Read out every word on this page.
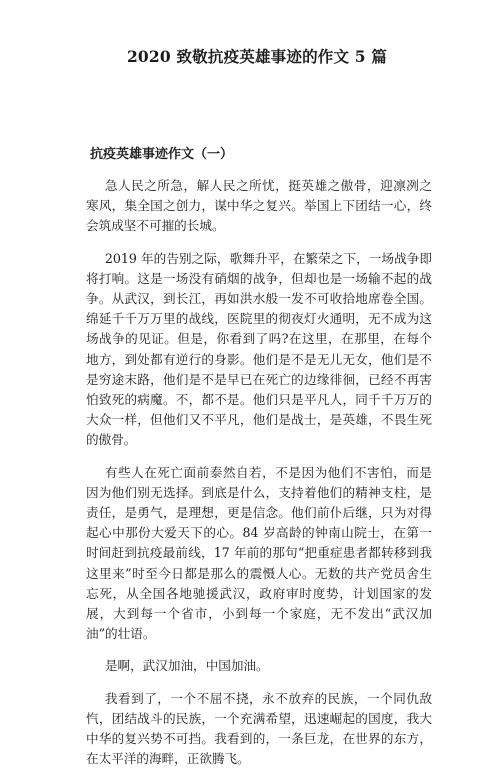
2020 致敬抗疫英雄事迹的作文 5 篇
抗疫英雄事迹作文（一）

急人民之所急，解人民之所忧，挺英雄之傲骨，迎凛冽之寒风，集全国之创力，谋中华之复兴。举国上下团结一心，终会筑成坚不可摧的长城。

2019 年的告别之际，歌舞升平，在繁荣之下，一场战争即将打响。这是一场没有硝烟的战争，但却也是一场输不起的战争。从武汉，到长江，再如洪水般一发不可收拾地席卷全国。绵延千千万万里的战线，医院里的彻夜灯火通明，无不成为这场战争的见证。但是，你看到了吗?在这里，在那里，在每个地方，到处都有逆行的身影。他们是不是无儿无女，他们是不是穷途末路，他们是不是早已在死亡的边缘徘徊，已经不再害怕致死的病魔。不，都不是。他们只是平凡人，同千千万万的大众一样，但他们又不平凡，他们是战士，是英雄，不畏生死的傲骨。

有些人在死亡面前泰然自若，不是因为他们不害怕，而是因为他们别无选择。到底是什么，支持着他们的精神支柱，是责任，是勇气，是理想，更是信念。他们前仆后继，只为对得起心中那份大爱天下的心。84 岁高龄的钟南山院士，在第一时间赶到抗疫最前线，17 年前的那句“把重症患者都转移到我这里来”时至今日都是那么的震慑人心。无数的共产党员舍生忘死，从全国各地驰援武汉，政府审时度势，计划国家的发展，大到每一个省市，小到每一个家庭，无不发出“武汉加油”的壮语。

是啊，武汉加油，中国加油。

我看到了，一个不屈不挠，永不放弃的民族，一个同仇敌忾，团结战斗的民族，一个充满希望，迅速崛起的国度，我大中华的复兴势不可挡。我看到的，一条巨龙，在世界的东方，在太平洋的海畔，正欲腾飞。
